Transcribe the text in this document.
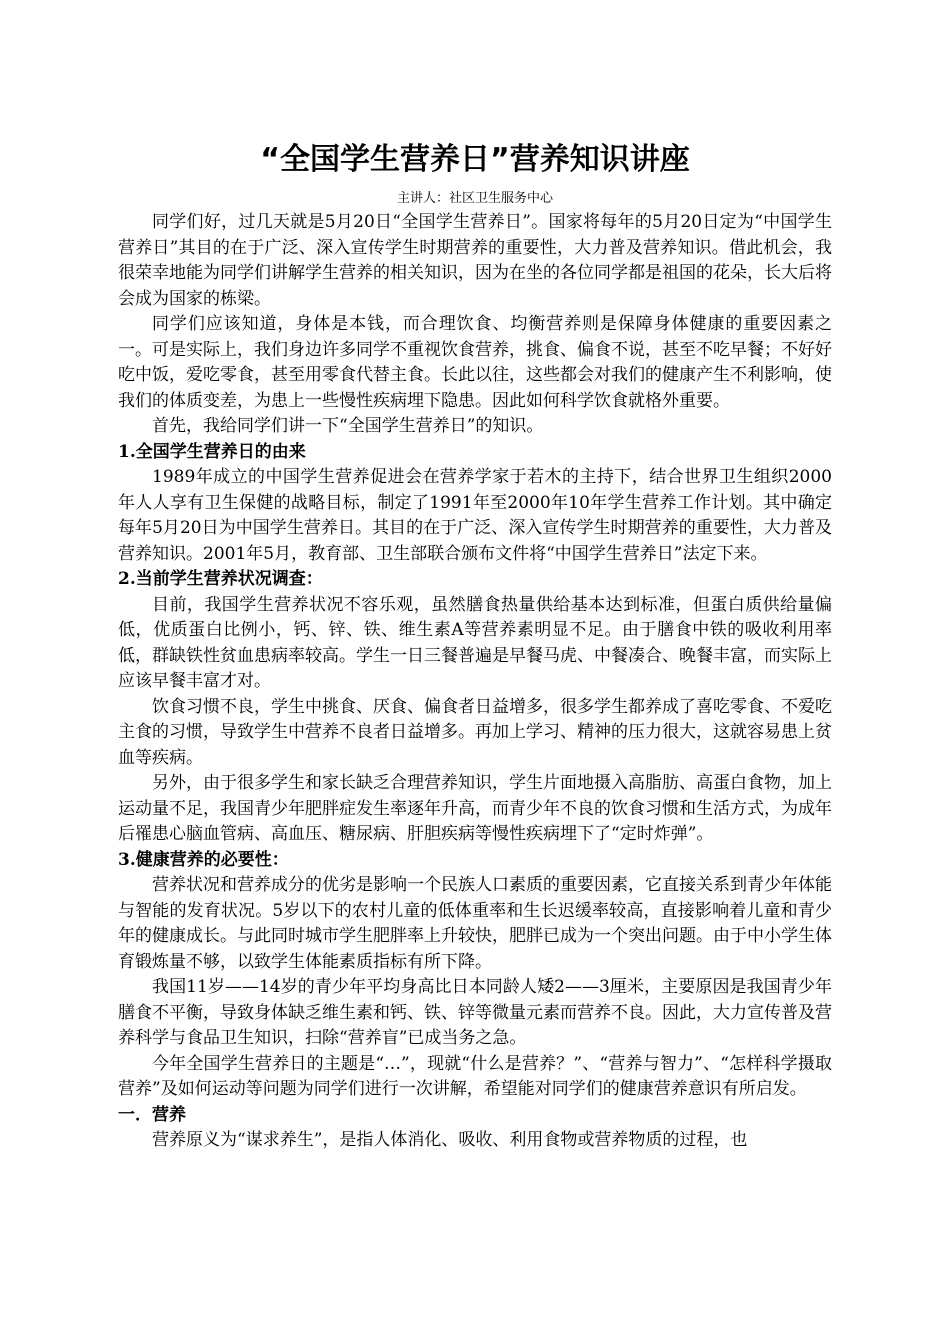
“全国学生营养日”营养知识讲座
主讲人：社区卫生服务中心

同学们好，过几天就是5月20日“全国学生营养日”。国家将每年的5月20日定为“中国学生营养日”其目的在于广泛、深入宣传学生时期营养的重要性，大力普及营养知识。借此机会，我很荣幸地能为同学们讲解学生营养的相关知识，因为在坐的各位同学都是祖国的花朵，长大后将会成为国家的栋梁。

同学们应该知道，身体是本钱，而合理饮食、均衡营养则是保障身体健康的重要因素之 一。可是实际上，我们身边许多同学不重视饮食营养，挑食、偏食不说，甚至不吃早餐；不好好吃中饭，爱吃零食，甚至用零食代替主食。长此以往，这些都会对我们的健康产生不利影响，使我们的体质变差，为患上一些慢性疾病埋下隐患。因此如何科学饮食就格外重要。

首先，我给同学们讲一下“全国学生营养日”的知识。

1.全国学生营养日的由来

1989年成立的中国学生营养促进会在营养学家于若木的主持下，结合世界卫生组织2000年人人享有卫生保健的战略目标，制定了1991年至2000年10年学生营养工作计划。其中确定每年5月20日为中国学生营养日。其目的在于广泛、深入宣传学生时期营养的重要性，大力普及营养知识。2001年5月，教育部、卫生部联合颁布文件将“中国学生营养日”法定下来。

2.当前学生营养状况调查：

目前，我国学生营养状况不容乐观，虽然膳食热量供给基本达到标准，但蛋白质供给量偏低，优质蛋白比例小，钙、锌、铁、维生素A等营养素明显不足。由于膳食中铁的吸收利用率低，群缺铁性贫血患病率较高。学生一日三餐普遍是早餐马虎、中餐凑合、晚餐丰富，而实际上应该早餐丰富才对。

饮食习惯不良，学生中挑食、厌食、偏食者日益增多，很多学生都养成了喜吃零食、不爱吃主食的习惯，导致学生中营养不良者日益增多。再加上学习、精神的压力很大，这就容易患上贫血等疾病。

另外，由于很多学生和家长缺乏合理营养知识，学生片面地摄入高脂肪、高蛋白食物，加上运动量不足，我国青少年肥胖症发生率逐年升高，而青少年不良的饮食习惯和生活方式，为成年后罹患心脑血管病、高血压、糖尿病、肝胆疾病等慢性疾病埋下了“定时炸弹”。

3.健康营养的必要性：

营养状况和营养成分的优劣是影响一个民族人口素质的重要因素，它直接关系到青少年体能与智能的发育状况。5岁以下的农村儿童的低体重率和生长迟缓率较高，直接影响着儿童和青少年的健康成长。与此同时城市学生肥胖率上升较快，肥胖已成为一个突出问题。由于中小学生体育锻炼量不够，以致学生体能素质指标有所下降。

我国11岁——14岁的青少年平均身高比日本同龄人矮2——3厘米，主要原因是我国青少年膳食不平衡，导致身体缺乏维生素和钙、铁、锌等微量元素而营养不良。因此，大力宣传普及营养科学与食品卫生知识，扫除“营养盲”已成当务之急。

今年全国学生营养日的主题是“…”，现就“什么是营养？”、“营养与智力”、“怎样科学摄取营养”及如何运动等问题为同学们进行一次讲解，希望能对同学们的健康营养意识有所启发。

一．营养

营养原义为“谋求养生”，是指人体消化、吸收、利用食物或营养物质的过程，也
